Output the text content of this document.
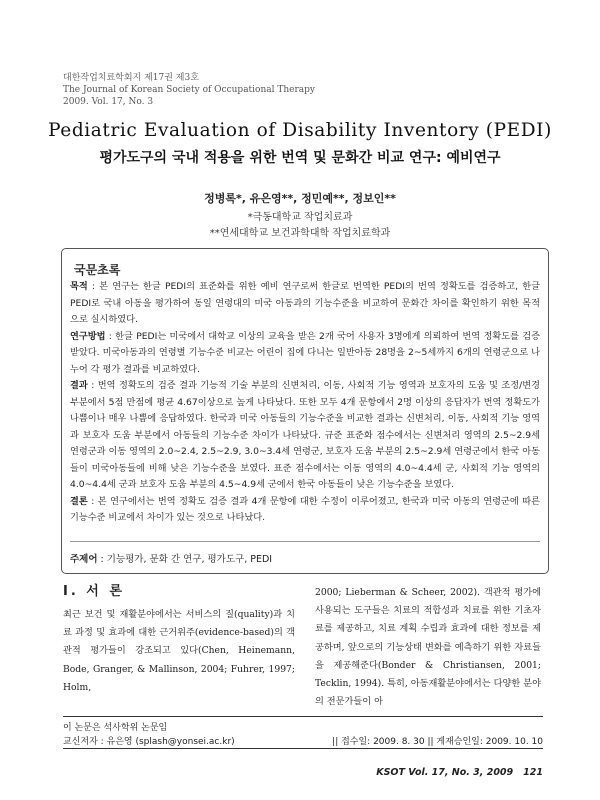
대한작업치료학회지 제17권 제3호
The Journal of Korean Society of Occupational Therapy
2009. Vol. 17, No. 3
Pediatric Evaluation of Disability Inventory (PEDI)
평가도구의 국내 적용을 위한 번역 및 문화간 비교 연구: 예비연구
정병록*, 유은영**, 정민예**, 정보인**
*극동대학교 작업치료과
**연세대학교 보건과학대학 작업치료학과
국문초록

목적 : 본 연구는 한글 PEDI의 표준화를 위한 예비 연구로써 한글로 번역한 PEDI의 번역 정확도를 검증하고, 한글 PEDI로 국내 아동을 평가하여 동일 연령대의 미국 아동과의 기능수준을 비교하여 문화간 차이를 확인하기 위한 목적으로 실시하였다.

연구방법 : 한글 PEDI는 미국에서 대학교 이상의 교육을 받은 2개 국어 사용자 3명에게 의뢰하여 번역 정확도를 검증받았다. 미국아동과의 연령별 기능수준 비교는 어린이 집에 다니는 일반아동 28명을 2~5세까지 6개의 연령군으로 나누어 각 평가 결과를 비교하였다.

결과 : 번역 정확도의 검증 결과 기능적 기술 부분의 신변처리, 이동, 사회적 기능 영역과 보호자의 도움 및 조정/변경 부분에서 5점 만점에 평균 4.67이상으로 높게 나타났다. 또한 모두 4개 문항에서 2명 이상의 응답자가 번역 정확도가 나쁨이나 매우 나쁨에 응답하였다. 한국과 미국 아동들의 기능수준을 비교한 결과는 신변처리, 이동, 사회적 기능 영역과 보호자 도움 부분에서 아동들의 기능수준 차이가 나타났다. 규준 표준화 점수에서는 신변처리 영역의 2.5~2.9세 연령군과 이동 영역의 2.0~2.4, 2.5~2.9, 3.0~3.4세 연령군, 보호자 도움 부분의 2.5~2.9세 연령군에서 한국 아동들이 미국아동들에 비해 낮은 기능수준을 보였다. 표준 점수에서는 이동 영역의 4.0~4.4세 군, 사회적 기능 영역의 4.0~4.4세 군과 보호자 도움 부분의 4.5~4.9세 군에서 한국 아동들이 낮은 기능수준을 보였다.

결론 : 본 연구에서는 번역 정확도 검증 결과 4개 문항에 대한 수정이 이루어졌고, 한국과 미국 아동의 연령군에 따른 기능수준 비교에서 차이가 있는 것으로 나타났다.

주제어 : 기능평가, 문화 간 연구, 평가도구, PEDI

Ⅰ. 서 론

최근 보건 및 재활분야에서는 서비스의 질(quality)과 치료 과정 및 효과에 대한 근거위주(evidence-based)의 객관적 평가들이 강조되고 있다(Chen, Heinemann, Bode, Granger, & Mallinson, 2004; Fuhrer, 1997; Holm,

2000; Lieberman & Scheer, 2002). 객관적 평가에 사용되는 도구들은 치료의 적합성과 치료를 위한 기초자료를 제공하고, 치료 계획 수립과 효과에 대한 정보를 제공하며, 앞으로의 기능상태 변화를 예측하기 위한 자료들을 제공해준다(Bonder & Christiansen, 2001; Tecklin, 1994). 특히, 아동재활분야에서는 다양한 분야의 전문가들이 아

이 논문은 석사학위 논문임
교신저자 : 유은영 (splash@yonsei.ac.kr)	|| 접수일: 2009. 8. 30 || 게재승인일: 2009. 10. 10
KSOT Vol. 17, No. 3, 2009 121
